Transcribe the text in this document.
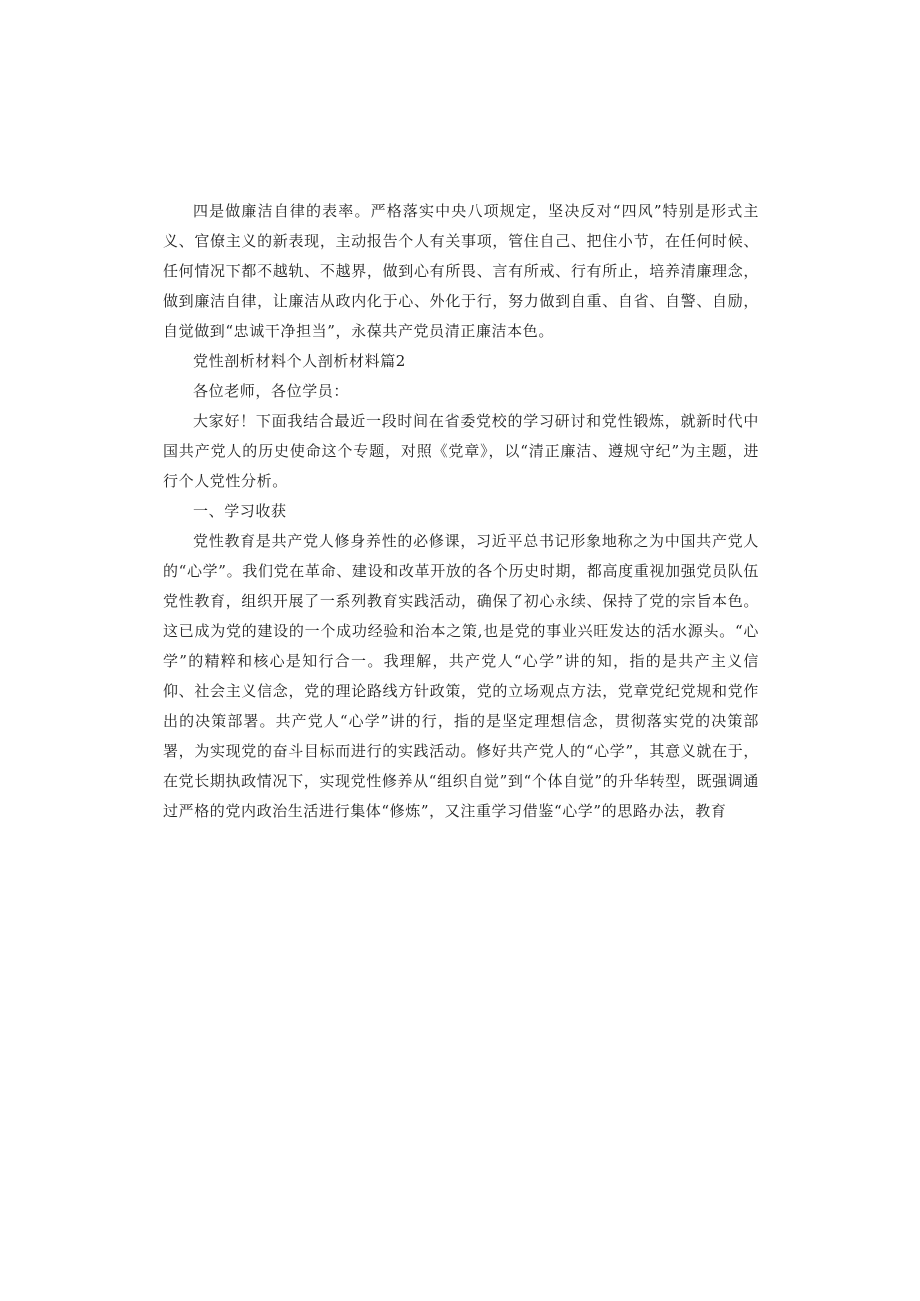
四是做廉洁自律的表率。严格落实中央八项规定，坚决反对“四风”特别是形式主义、官僚主义的新表现，主动报告个人有关事项，管住自己、把住小节，在任何时候、任何情况下都不越轨、不越界，做到心有所畏、言有所戒、行有所止，培养清廉理念，做到廉洁自律，让廉洁从政内化于心、外化于行，努力做到自重、自省、自警、自励，自觉做到“忠诚干净担当”，永葆共产党员清正廉洁本色。

党性剖析材料个人剖析材料篇2

各位老师，各位学员：

大家好！下面我结合最近一段时间在省委党校的学习研讨和党性锻炼，就新时代中国共产党人的历史使命这个专题，对照《党章》，以“清正廉洁、遵规守纪”为主题，进行个人党性分析。

一、学习收获

党性教育是共产党人修身养性的必修课，习近平总书记形象地称之为中国共产党人的“心学”。我们党在革命、建设和改革开放的各个历史时期，都高度重视加强党员队伍党性教育，组织开展了一系列教育实践活动，确保了初心永续、保持了党的宗旨本色。这已成为党的建设的一个成功经验和治本之策,也是党的事业兴旺发达的活水源头。“心学”的精粹和核心是知行合一。我理解，共产党人“心学”讲的知，指的是共产主义信仰、社会主义信念，党的理论路线方针政策，党的立场观点方法，党章党纪党规和党作出的决策部署。共产党人“心学”讲的行，指的是坚定理想信念，贯彻落实党的决策部署，为实现党的奋斗目标而进行的实践活动。修好共产党人的“心学”，其意义就在于，在党长期执政情况下，实现党性修养从“组织自觉”到“个体自觉”的升华转型，既强调通过严格的党内政治生活进行集体“修炼”，又注重学习借鉴“心学”的思路办法，教育
